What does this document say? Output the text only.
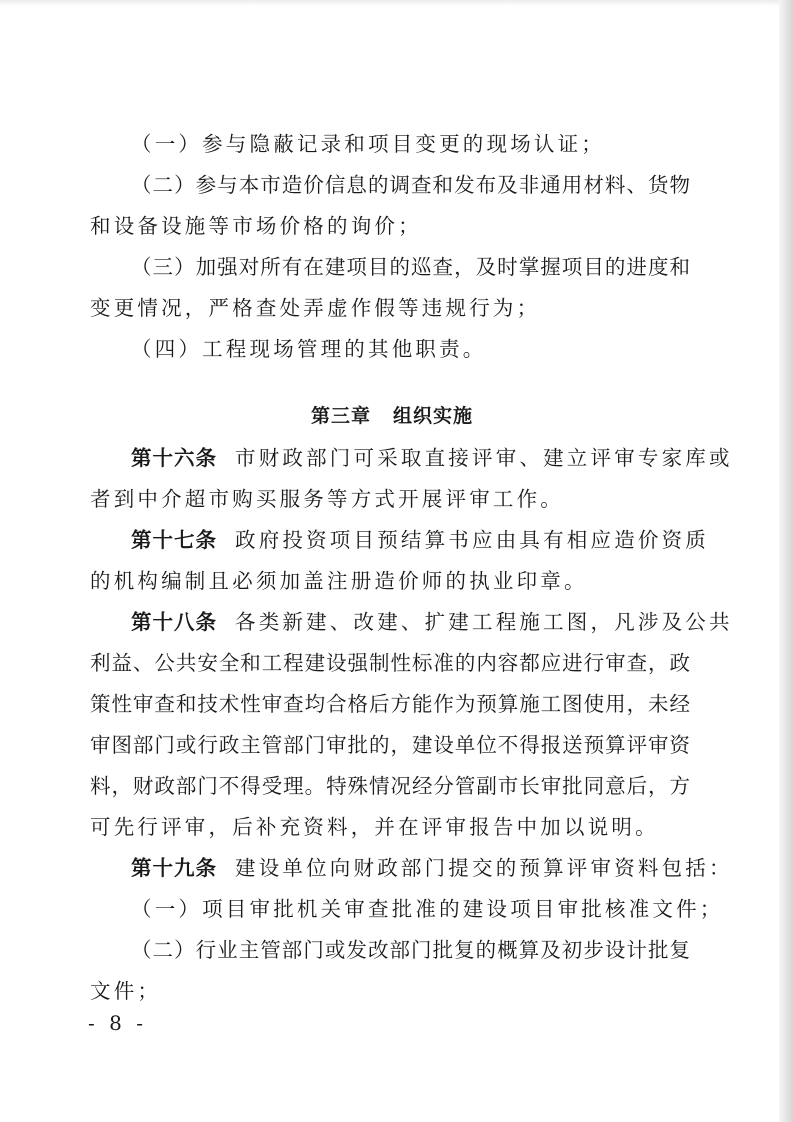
（一）参与隐蔽记录和项目变更的现场认证；
（二）参与本市造价信息的调查和发布及非通用材料、货物
和设备设施等市场价格的询价；
（三）加强对所有在建项目的巡查，及时掌握项目的进度和
变更情况，严格查处弄虚作假等违规行为；
（四）工程现场管理的其他职责。
第三章 组织实施
第十六条 市财政部门可采取直接评审、建立评审专家库或
者到中介超市购买服务等方式开展评审工作。
第十七条 政府投资项目预结算书应由具有相应造价资质
的机构编制且必须加盖注册造价师的执业印章。
第十八条 各类新建、改建、扩建工程施工图，凡涉及公共
利益、公共安全和工程建设强制性标准的内容都应进行审查，政
策性审查和技术性审查均合格后方能作为预算施工图使用，未经
审图部门或行政主管部门审批的，建设单位不得报送预算评审资
料，财政部门不得受理。特殊情况经分管副市长审批同意后，方
可先行评审，后补充资料，并在评审报告中加以说明。
第十九条 建设单位向财政部门提交的预算评审资料包括：
（一）项目审批机关审查批准的建设项目审批核准文件；
（二）行业主管部门或发改部门批复的概算及初步设计批复
文件；
- 8 -
